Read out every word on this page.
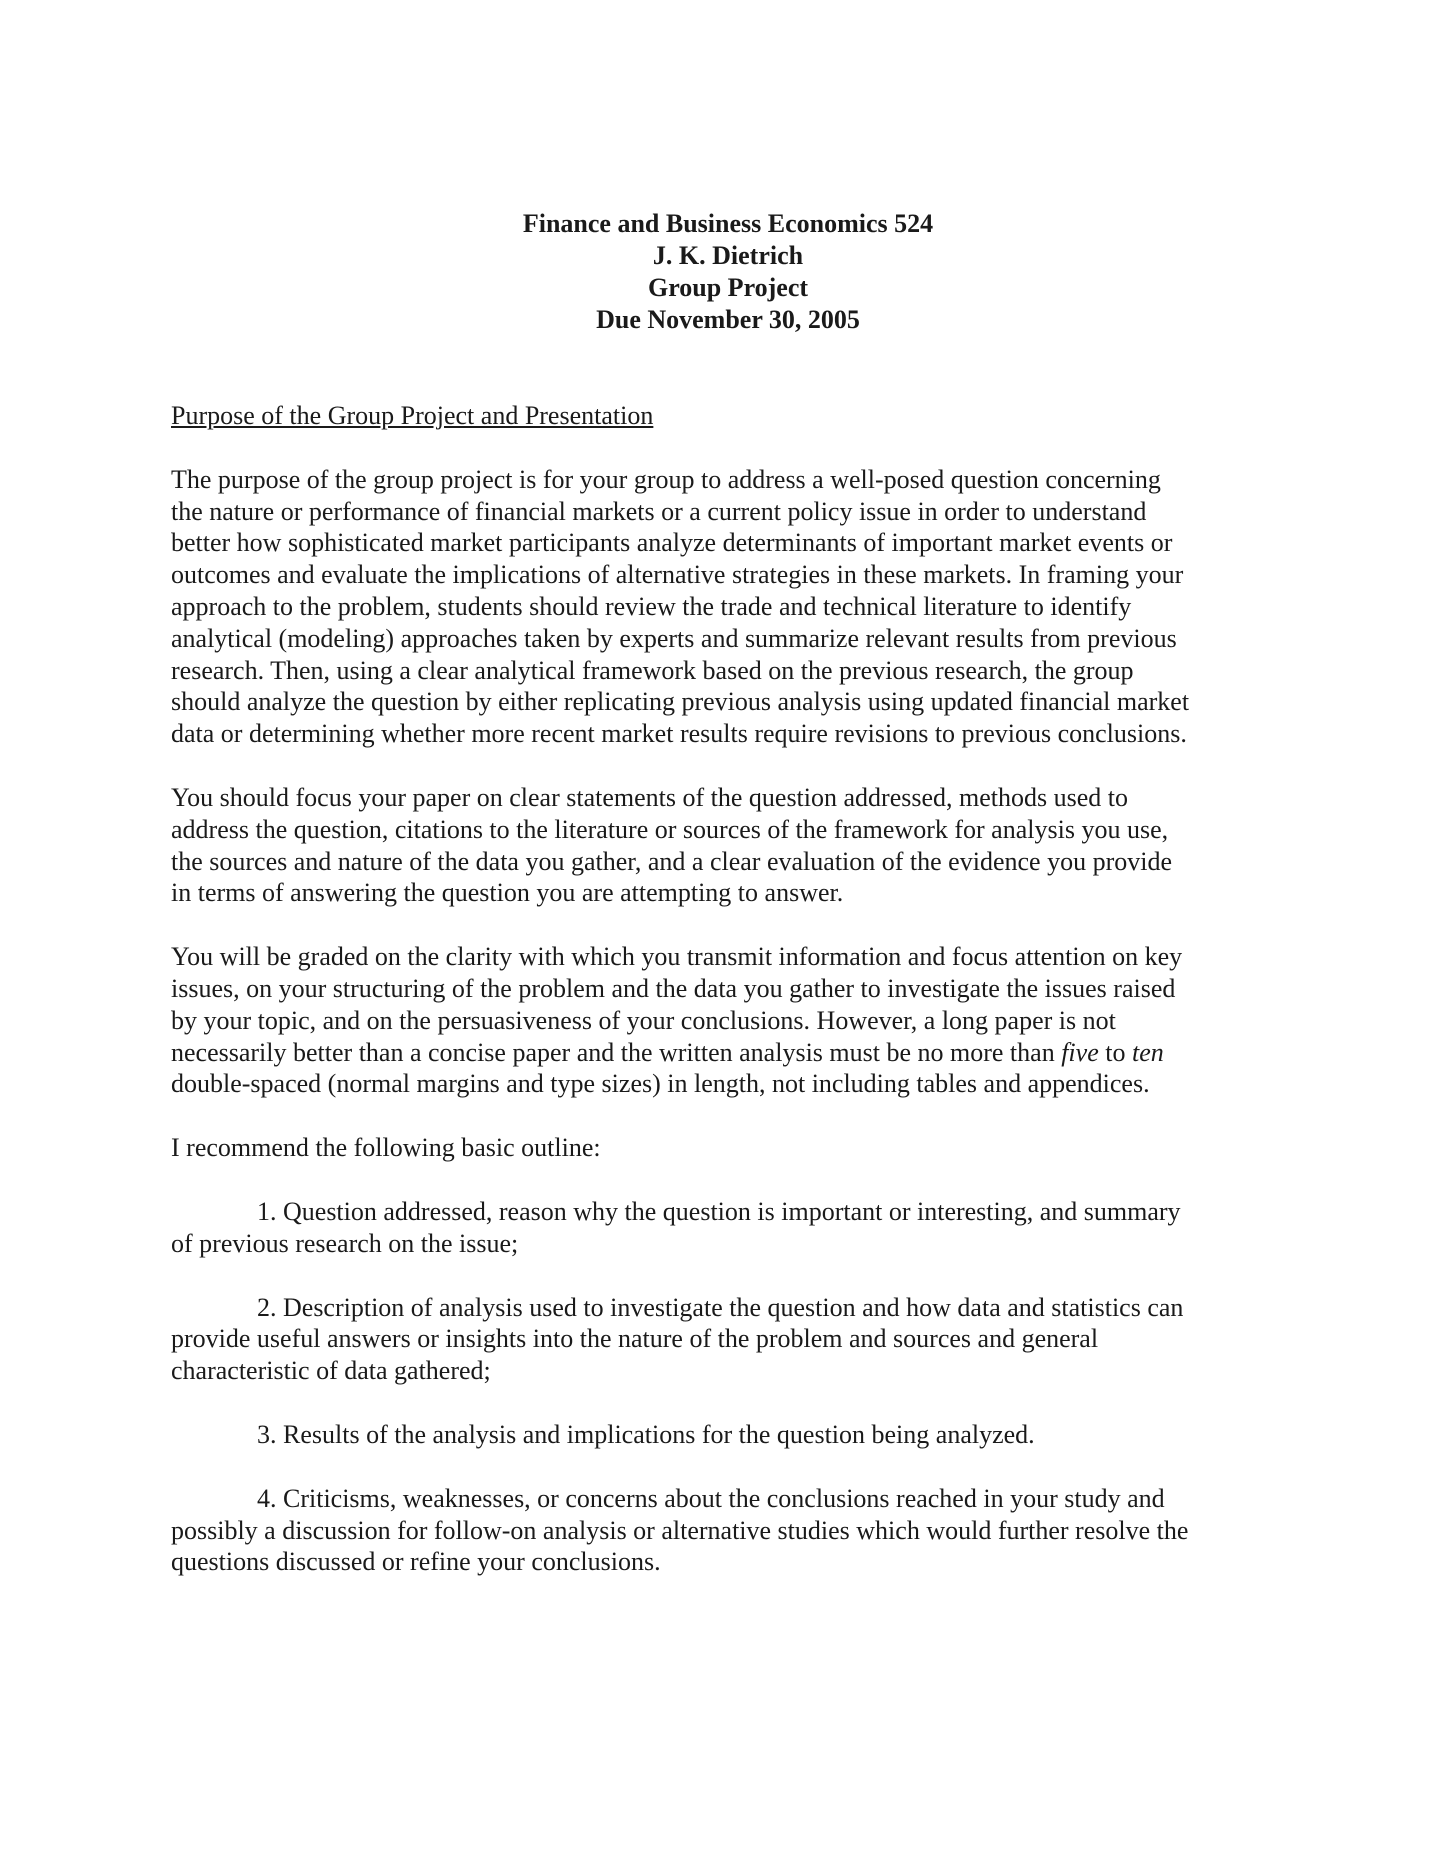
Finance and Business Economics 524
J. K. Dietrich
Group Project
Due November 30, 2005
Purpose of the Group Project and Presentation

The purpose of the group project is for your group to address a well-posed question concerning
the nature or performance of financial markets or a current policy issue in order to understand
better how sophisticated market participants analyze determinants of important market events or
outcomes and evaluate the implications of alternative strategies in these markets. In framing your
approach to the problem, students should review the trade and technical literature to identify
analytical (modeling) approaches taken by experts and summarize relevant results from previous
research. Then, using a clear analytical framework based on the previous research, the group
should analyze the question by either replicating previous analysis using updated financial market
data or determining whether more recent market results require revisions to previous conclusions.

You should focus your paper on clear statements of the question addressed, methods used to
address the question, citations to the literature or sources of the framework for analysis you use,
the sources and nature of the data you gather, and a clear evaluation of the evidence you provide
in terms of answering the question you are attempting to answer.

You will be graded on the clarity with which you transmit information and focus attention on key
issues, on your structuring of the problem and the data you gather to investigate the issues raised
by your topic, and on the persuasiveness of your conclusions. However, a long paper is not
necessarily better than a concise paper and the written analysis must be no more than five to ten
double-spaced (normal margins and type sizes) in length, not including tables and appendices.

I recommend the following basic outline:

1. Question addressed, reason why the question is important or interesting, and summary
of previous research on the issue;

2. Description of analysis used to investigate the question and how data and statistics can
provide useful answers or insights into the nature of the problem and sources and general
characteristic of data gathered;

3. Results of the analysis and implications for the question being analyzed.

4. Criticisms, weaknesses, or concerns about the conclusions reached in your study and
possibly a discussion for follow-on analysis or alternative studies which would further resolve the
questions discussed or refine your conclusions.
